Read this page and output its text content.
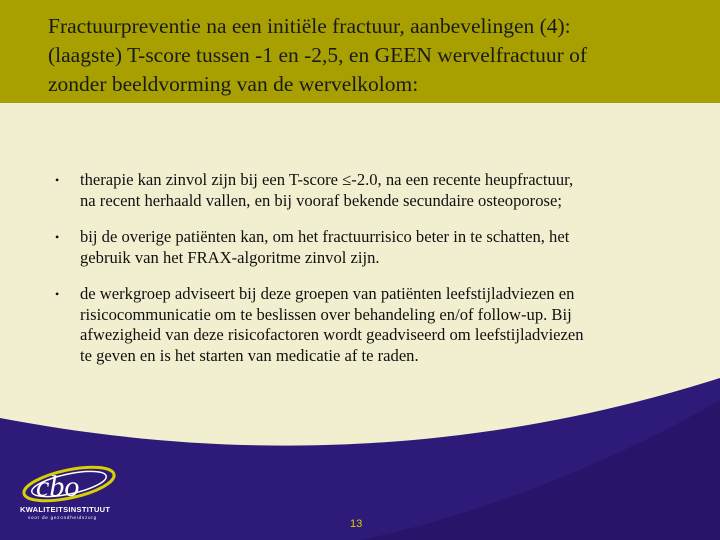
Fractuurpreventie na een initiële fractuur, aanbevelingen (4):
(laagste) T-score tussen -1 en -2,5, en GEEN wervelfractuur of
zonder beeldvorming van de wervelkolom:
• therapie kan zinvol zijn bij een T-score ≤-2.0, na een recente heupfractuur,
na recent herhaald vallen, en bij vooraf bekende secundaire osteoporose;
• bij de overige patiënten kan, om het fractuurrisico beter in te schatten, het
gebruik van het FRAX-algoritme zinvol zijn.
• de werkgroep adviseert bij deze groepen van patiënten leefstijladviezen en
risicocommunicatie om te beslissen over behandeling en/of follow-up. Bij
afwezigheid van deze risicofactoren wordt geadviseerd om leefstijladviezen
te geven en is het starten van medicatie af te raden.
cbo
KWALITEITSINSTITUUT
voor de gezondheidszorg
13
